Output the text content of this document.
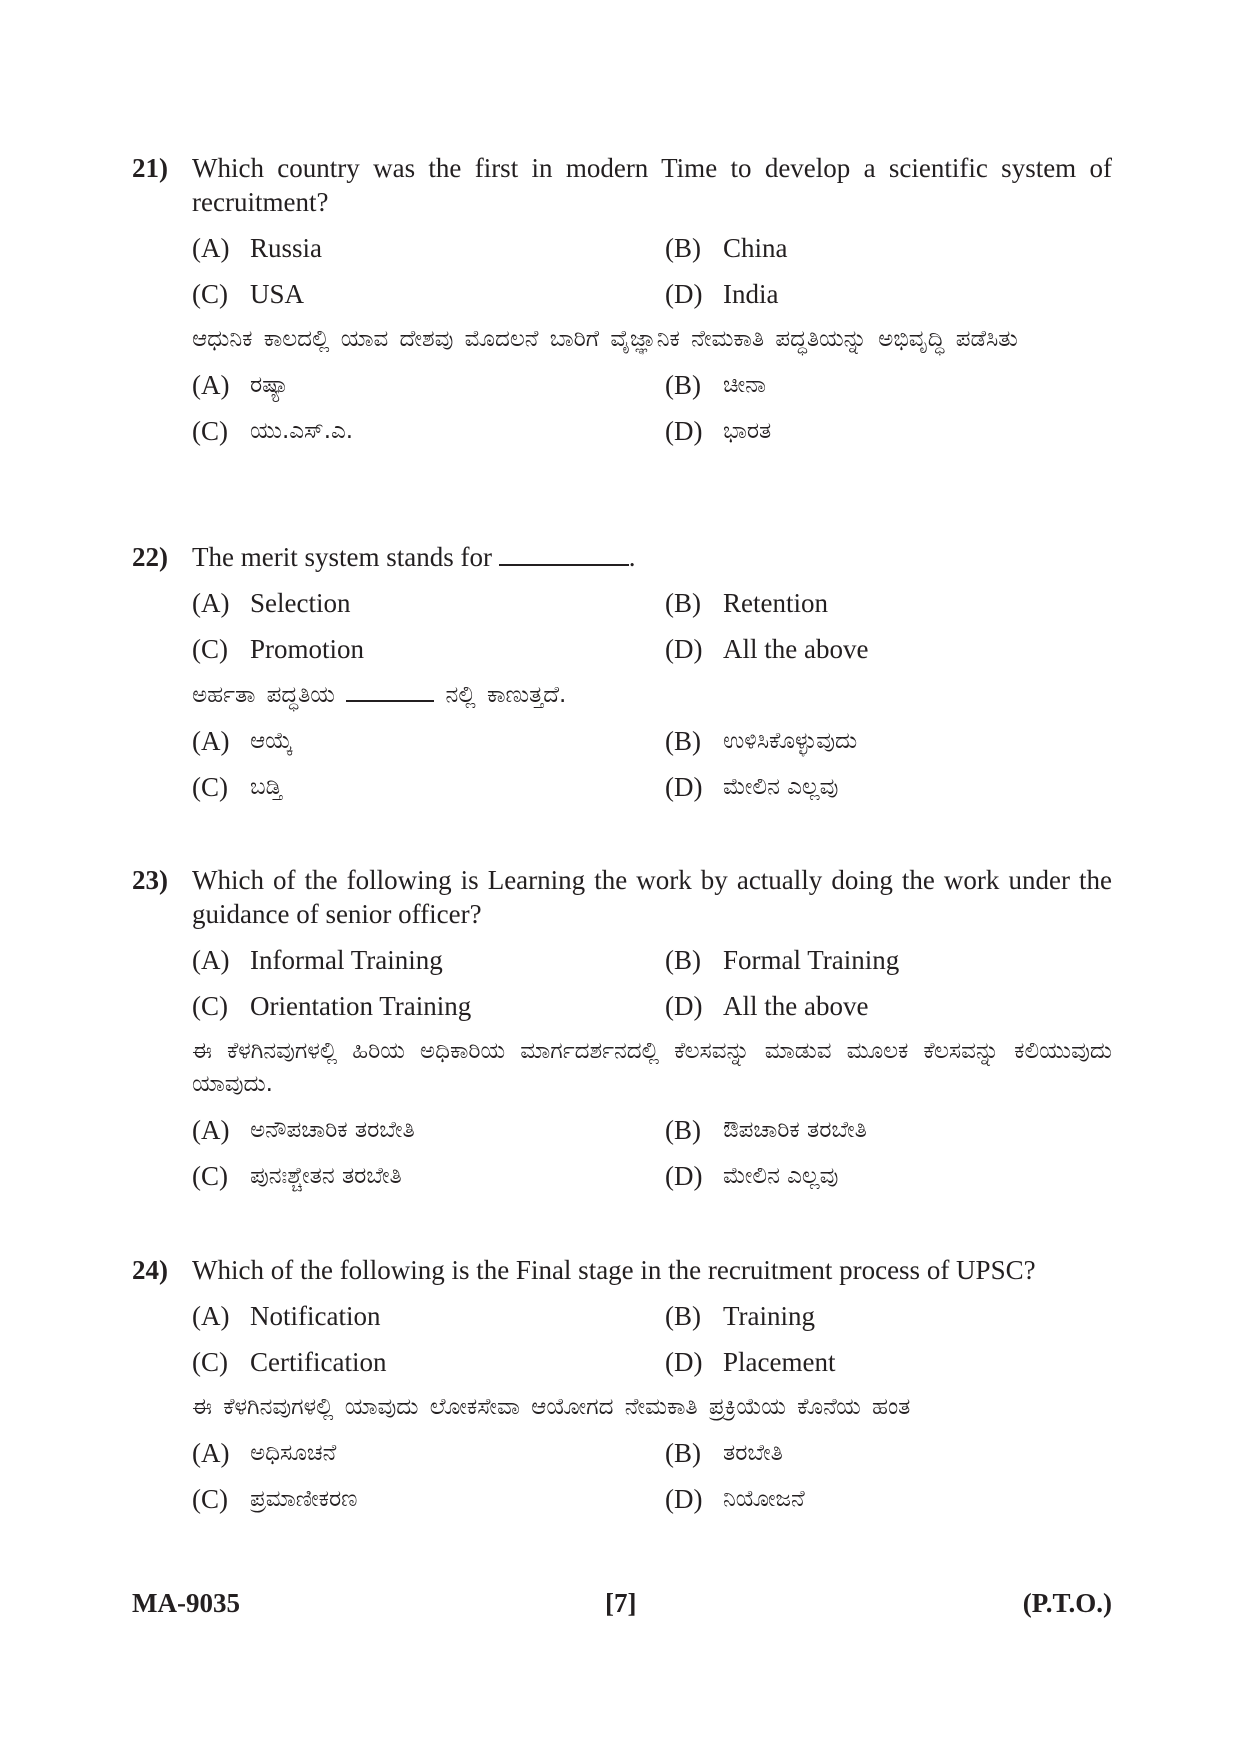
21) Which country was the first in modern Time to develop a scientific system of recruitment?
(A) Russia	(B) China
(C) USA	(D) India
ಆಧುನಿಕ ಕಾಲದಲ್ಲಿ ಯಾವ ದೇಶವು ಮೊದಲನೆ ಬಾರಿಗೆ ವೈಜ್ಞಾನಿಕ ನೇಮಕಾತಿ ಪದ್ಧತಿಯನ್ನು ಅಭಿವೃದ್ಧಿ ಪಡೆಸಿತು
(A) ರಷ್ಯಾ	(B) ಚೀನಾ
(C) ಯು.ಎಸ್.ಎ.	(D) ಭಾರತ
22) The merit system stands for	.
(A) Selection	(B) Retention
(C) Promotion	(D) All the above
ಅರ್ಹತಾ ಪದ್ಧತಿಯ	ನಲ್ಲಿ ಕಾಣುತ್ತದೆ.
(A) ಆಯ್ಕೆ	(B) ಉಳಿಸಿಕೊಳ್ಳುವುದು
(C) ಬಡ್ತಿ	(D) ಮೇಲಿನ ಎಲ್ಲವು
23) Which of the following is Learning the work by actually doing the work under the guidance of senior officer?
(A) Informal Training	(B) Formal Training
(C) Orientation Training	(D) All the above
ಈ ಕೆಳಗಿನವುಗಳಲ್ಲಿ ಹಿರಿಯ ಅಧಿಕಾರಿಯ ಮಾರ್ಗದರ್ಶನದಲ್ಲಿ ಕೆಲಸವನ್ನು ಮಾಡುವ ಮೂಲಕ ಕೆಲಸವನ್ನು ಕಲಿಯುವುದು ಯಾವುದು.
(A) ಅನೌಪಚಾರಿಕ ತರಬೇತಿ	(B) ಔಪಚಾರಿಕ ತರಬೇತಿ
(C) ಪುನಃಶ್ಚೇತನ ತರಬೇತಿ	(D) ಮೇಲಿನ ಎಲ್ಲವು
24) Which of the following is the Final stage in the recruitment process of UPSC?
(A) Notification	(B) Training
(C) Certification	(D) Placement
ಈ ಕೆಳಗಿನವುಗಳಲ್ಲಿ ಯಾವುದು ಲೋಕಸೇವಾ ಆಯೋಗದ ನೇಮಕಾತಿ ಪ್ರಕ್ರಿಯೆಯ ಕೊನೆಯ ಹಂತ
(A) ಅಧಿಸೂಚನೆ	(B) ತರಬೇತಿ
(C) ಪ್ರಮಾಣೀಕರಣ	(D) ನಿಯೋಜನೆ
MA-9035	[7]	(P.T.O.)
